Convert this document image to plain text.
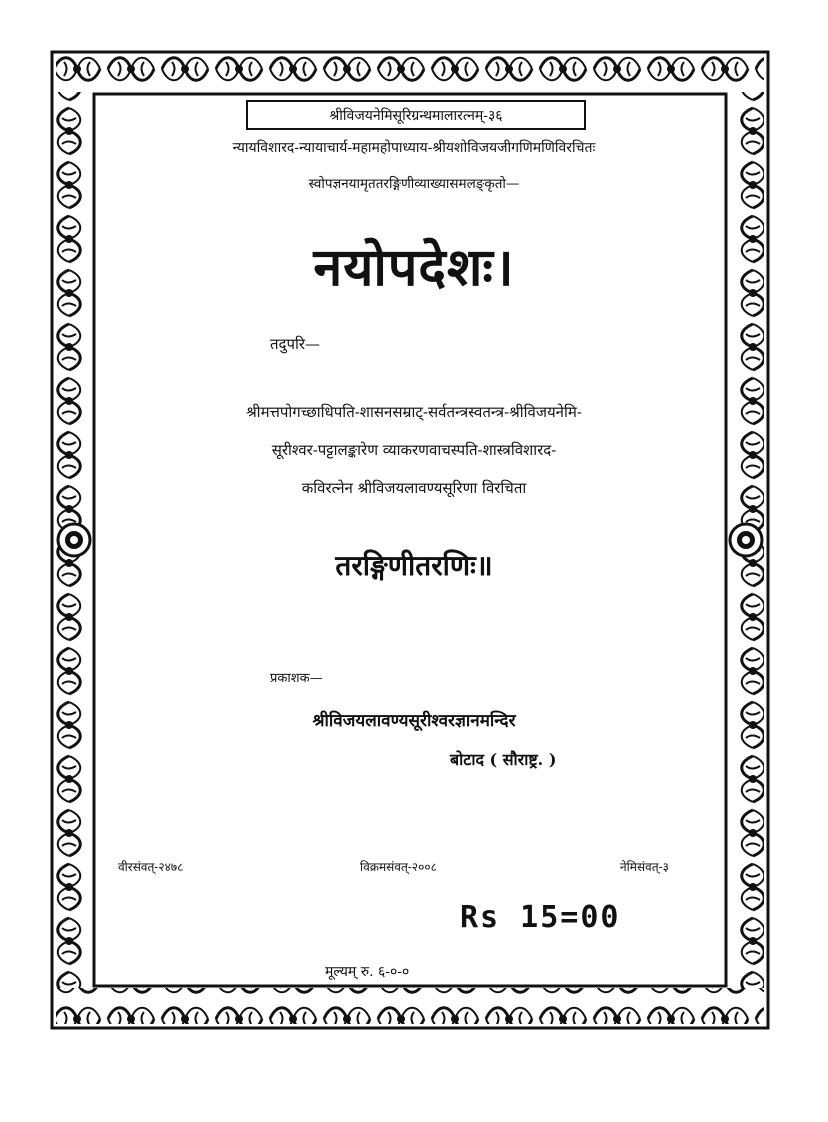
श्रीविजयनेमिसूरिग्रन्थमालारत्नम्-३६
न्यायविशारद-न्यायाचार्य-महामहोपाध्याय-श्रीयशोविजयजीगणिमणिविरचितः
स्वोपज्ञनयामृततरङ्गिणीव्याख्यासमलङ्कृतो—
नयोपदेशः।
तदुपरि—
श्रीमत्तपोगच्छाधिपति-शासनसम्राट्-सर्वतन्त्रस्वतन्त्र-श्रीविजयनेमि-
सूरीश्वर-पट्टालङ्कारेण व्याकरणवाचस्पति-शास्त्रविशारद-
कविरत्नेन श्रीविजयलावण्यसूरिणा विरचिता
तरङ्गिणीतरणिः॥
प्रकाशक—
श्रीविजयलावण्यसूरीश्वरज्ञानमन्दिर
बोटाद ( सौराष्ट्र. )
वीरसंवत्-२४७८	विक्रमसंवत्-२००८	नेमिसंवत्-३
Rs 15=00
मूल्यम् रु. ६-०-०
